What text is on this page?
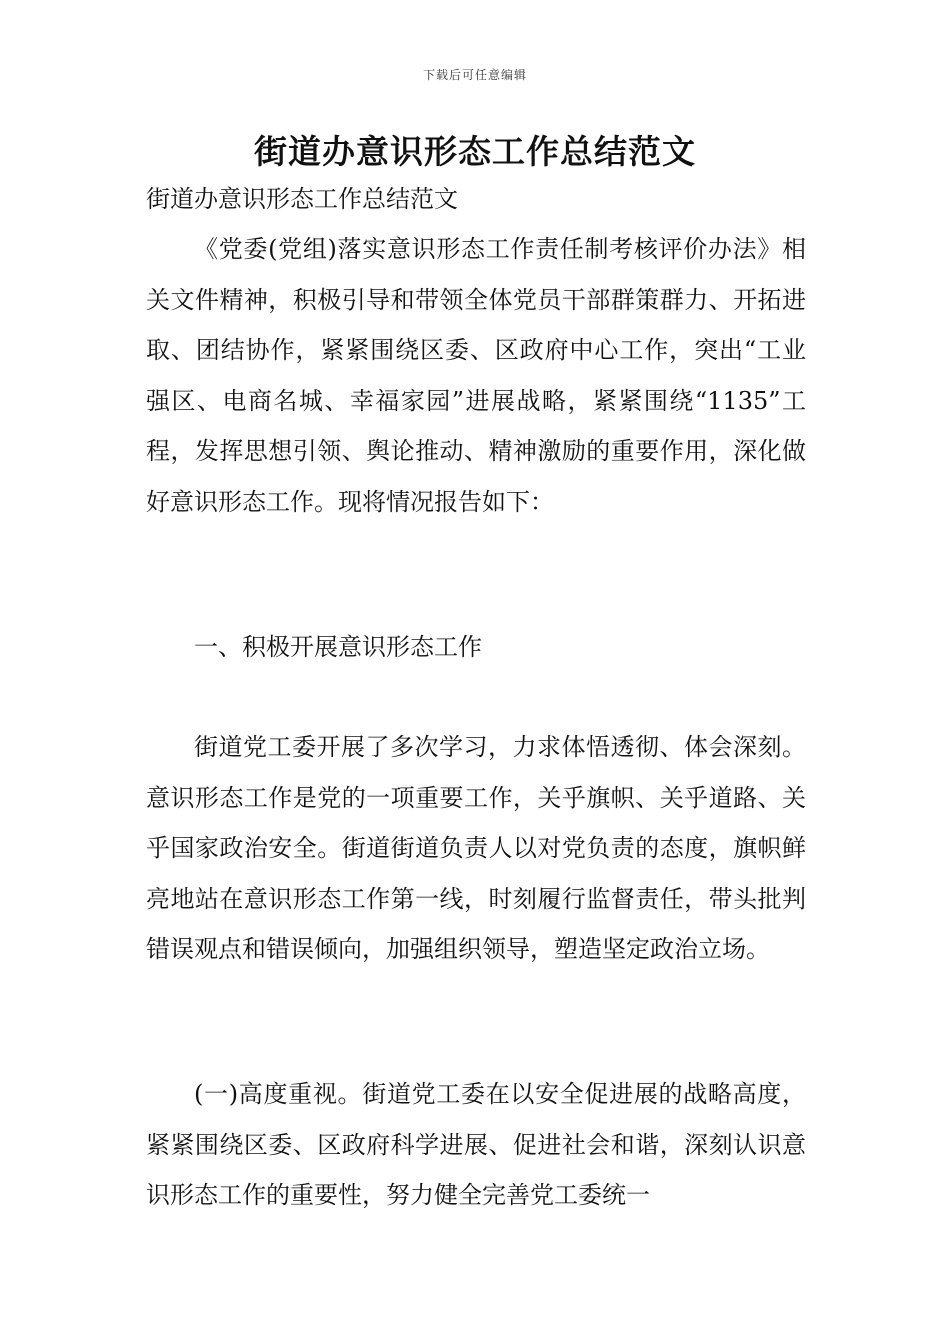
下载后可任意编辑
街道办意识形态工作总结范文

街道办意识形态工作总结范文

《党委(党组)落实意识形态工作责任制考核评价办法》相关文件精神，积极引导和带领全体党员干部群策群力、开拓进取、团结协作，紧紧围绕区委、区政府中心工作，突出“工业强区、电商名城、幸福家园”进展战略，紧紧围绕“1135”工程，发挥思想引领、舆论推动、精神激励的重要作用，深化做好意识形态工作。现将情况报告如下：

一、积极开展意识形态工作

街道党工委开展了多次学习，力求体悟透彻、体会深刻。意识形态工作是党的一项重要工作，关乎旗帜、关乎道路、关乎国家政治安全。街道街道负责人以对党负责的态度，旗帜鲜亮地站在意识形态工作第一线，时刻履行监督责任，带头批判错误观点和错误倾向，加强组织领导，塑造坚定政治立场。

(一)高度重视。街道党工委在以安全促进展的战略高度，紧紧围绕区委、区政府科学进展、促进社会和谐，深刻认识意识形态工作的重要性，努力健全完善党工委统一
